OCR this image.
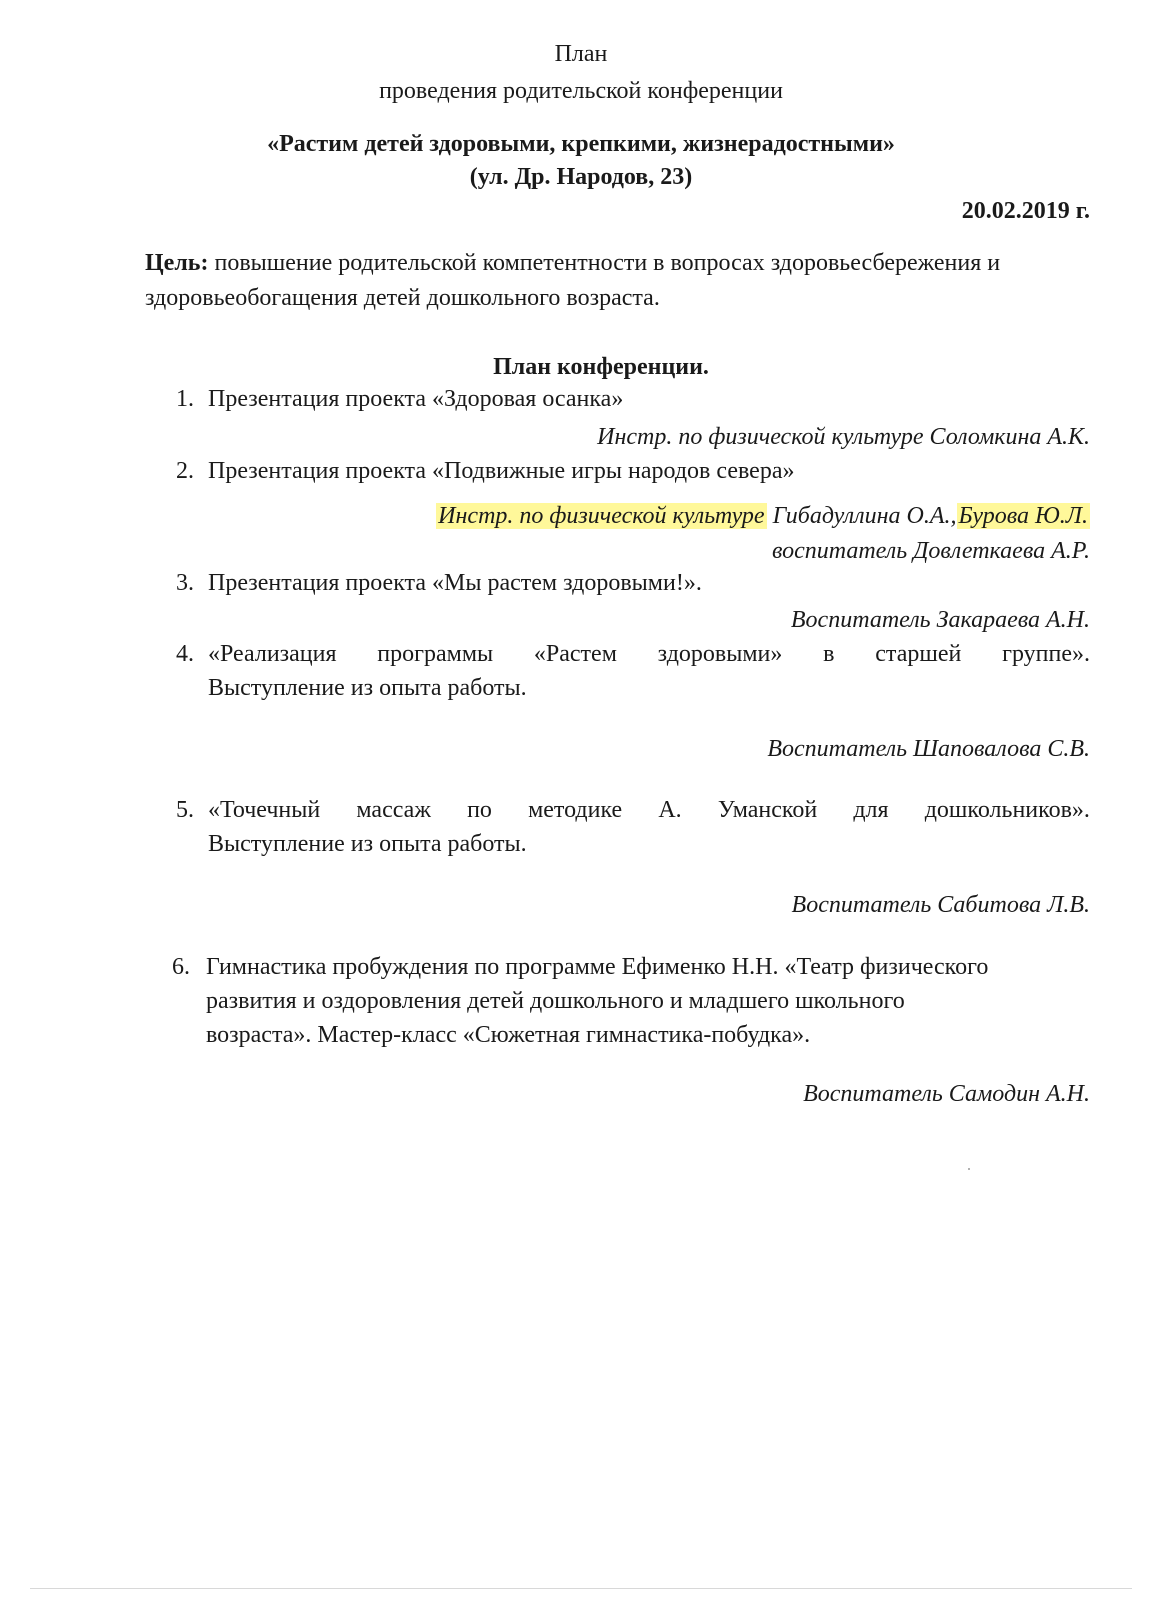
План
проведения родительской конференции
«Растим детей здоровыми, крепкими, жизнерадостными»
(ул. Др. Народов, 23)
20.02.2019 г.
Цель: повышение родительской компетентности в вопросах здоровьесбережения и
здоровьеобогащения детей дошкольного возраста.
План конференции.
1. Презентация проекта «Здоровая осанка»
Инстр. по физической культуре Соломкина А.К.
2. Презентация проекта «Подвижные игры народов севера»
Инстр. по физической культуре Гибадуллина О.А.,Бурова Ю.Л.
воспитатель Довлеткаева А.Р.
3. Презентация проекта «Мы растем здоровыми!».
Воспитатель Закараева А.Н.
4. «Реализация программы «Растем здоровыми» в старшей группе».
Выступление из опыта работы.
Воспитатель Шаповалова С.В.
5. «Точечный массаж по методике А. Уманской для дошкольников».
Выступление из опыта работы.
Воспитатель Сабитова Л.В.
6. Гимнастика пробуждения по программе Ефименко Н.Н. «Театр физического
развития и оздоровления детей дошкольного и младшего школьного
возраста». Мастер-класс «Сюжетная гимнастика-побудка».
Воспитатель Самодин А.Н.
